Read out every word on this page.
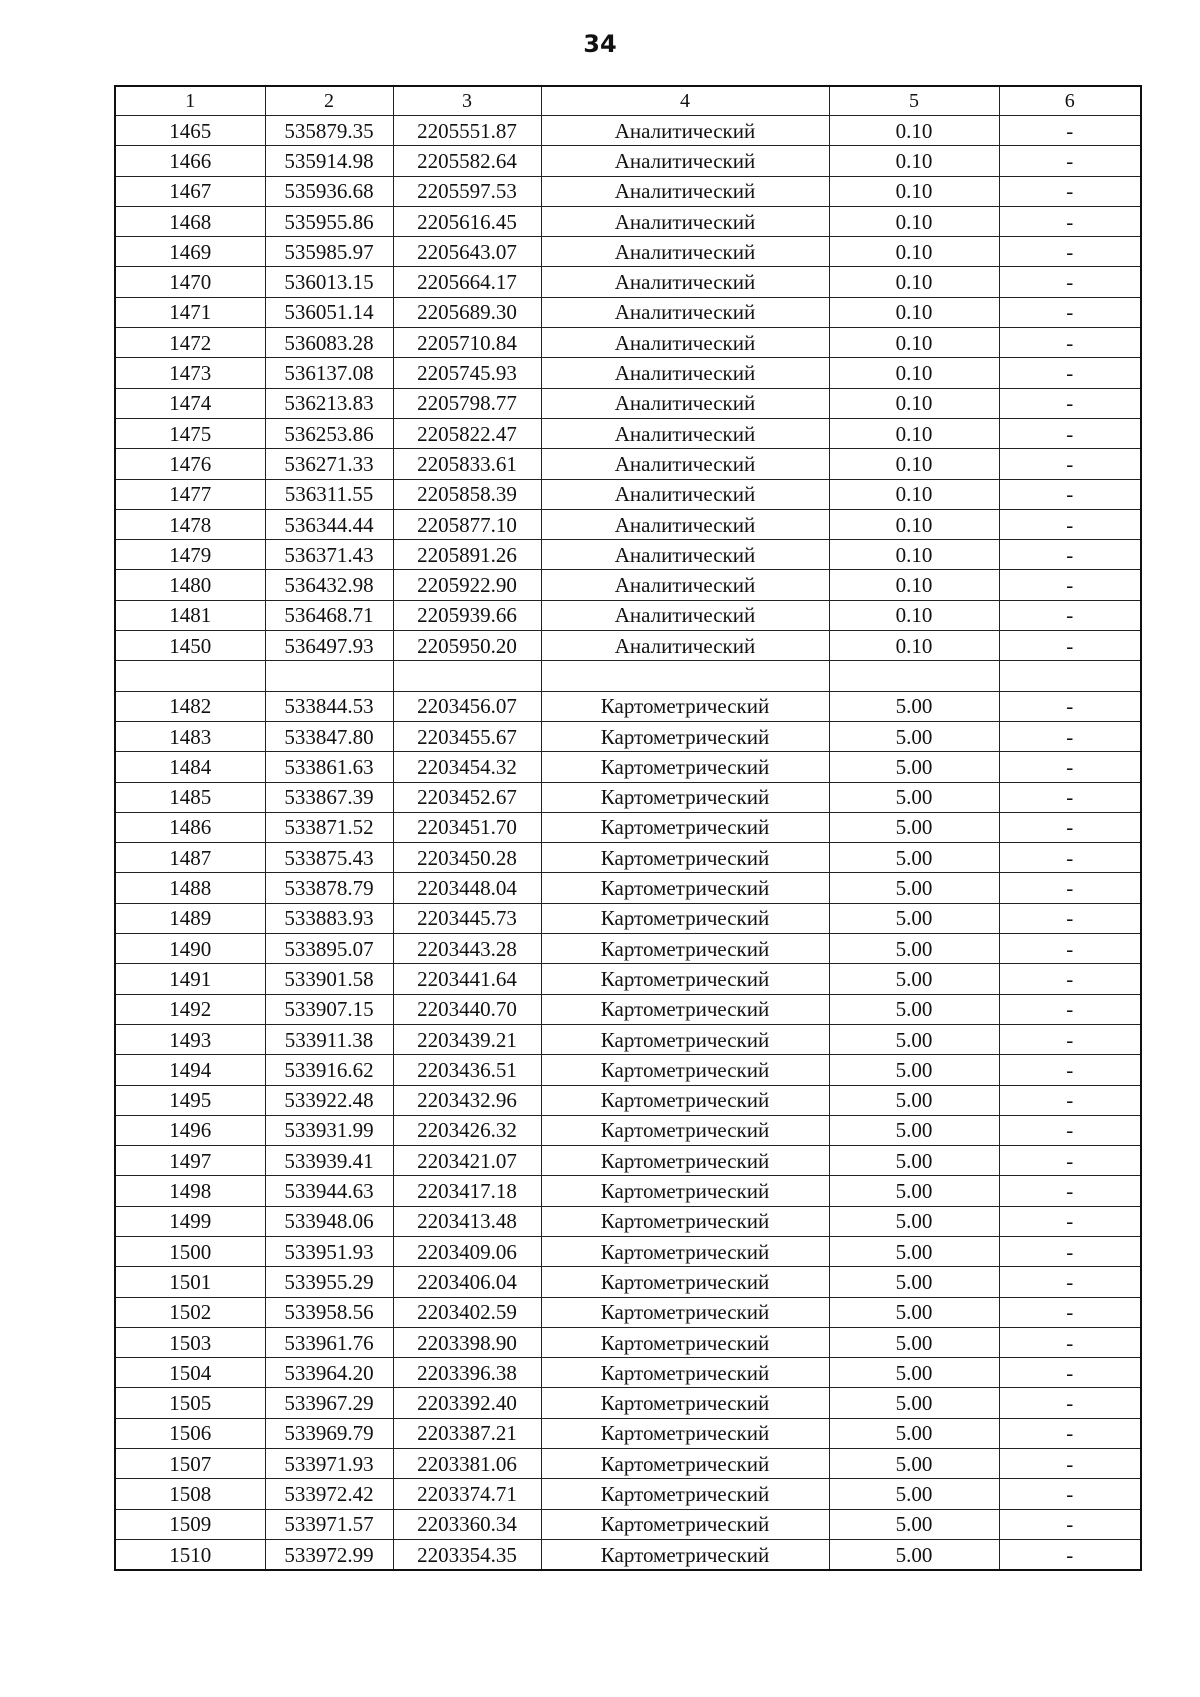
34
1	2	3	4	5	6
1465	535879.35	2205551.87	Аналитический	0.10	-
1466	535914.98	2205582.64	Аналитический	0.10	-
1467	535936.68	2205597.53	Аналитический	0.10	-
1468	535955.86	2205616.45	Аналитический	0.10	-
1469	535985.97	2205643.07	Аналитический	0.10	-
1470	536013.15	2205664.17	Аналитический	0.10	-
1471	536051.14	2205689.30	Аналитический	0.10	-
1472	536083.28	2205710.84	Аналитический	0.10	-
1473	536137.08	2205745.93	Аналитический	0.10	-
1474	536213.83	2205798.77	Аналитический	0.10	-
1475	536253.86	2205822.47	Аналитический	0.10	-
1476	536271.33	2205833.61	Аналитический	0.10	-
1477	536311.55	2205858.39	Аналитический	0.10	-
1478	536344.44	2205877.10	Аналитический	0.10	-
1479	536371.43	2205891.26	Аналитический	0.10	-
1480	536432.98	2205922.90	Аналитический	0.10	-
1481	536468.71	2205939.66	Аналитический	0.10	-
1450	536497.93	2205950.20	Аналитический	0.10	-

1482	533844.53	2203456.07	Картометрический	5.00	-
1483	533847.80	2203455.67	Картометрический	5.00	-
1484	533861.63	2203454.32	Картометрический	5.00	-
1485	533867.39	2203452.67	Картометрический	5.00	-
1486	533871.52	2203451.70	Картометрический	5.00	-
1487	533875.43	2203450.28	Картометрический	5.00	-
1488	533878.79	2203448.04	Картометрический	5.00	-
1489	533883.93	2203445.73	Картометрический	5.00	-
1490	533895.07	2203443.28	Картометрический	5.00	-
1491	533901.58	2203441.64	Картометрический	5.00	-
1492	533907.15	2203440.70	Картометрический	5.00	-
1493	533911.38	2203439.21	Картометрический	5.00	-
1494	533916.62	2203436.51	Картометрический	5.00	-
1495	533922.48	2203432.96	Картометрический	5.00	-
1496	533931.99	2203426.32	Картометрический	5.00	-
1497	533939.41	2203421.07	Картометрический	5.00	-
1498	533944.63	2203417.18	Картометрический	5.00	-
1499	533948.06	2203413.48	Картометрический	5.00	-
1500	533951.93	2203409.06	Картометрический	5.00	-
1501	533955.29	2203406.04	Картометрический	5.00	-
1502	533958.56	2203402.59	Картометрический	5.00	-
1503	533961.76	2203398.90	Картометрический	5.00	-
1504	533964.20	2203396.38	Картометрический	5.00	-
1505	533967.29	2203392.40	Картометрический	5.00	-
1506	533969.79	2203387.21	Картометрический	5.00	-
1507	533971.93	2203381.06	Картометрический	5.00	-
1508	533972.42	2203374.71	Картометрический	5.00	-
1509	533971.57	2203360.34	Картометрический	5.00	-
1510	533972.99	2203354.35	Картометрический	5.00	-
